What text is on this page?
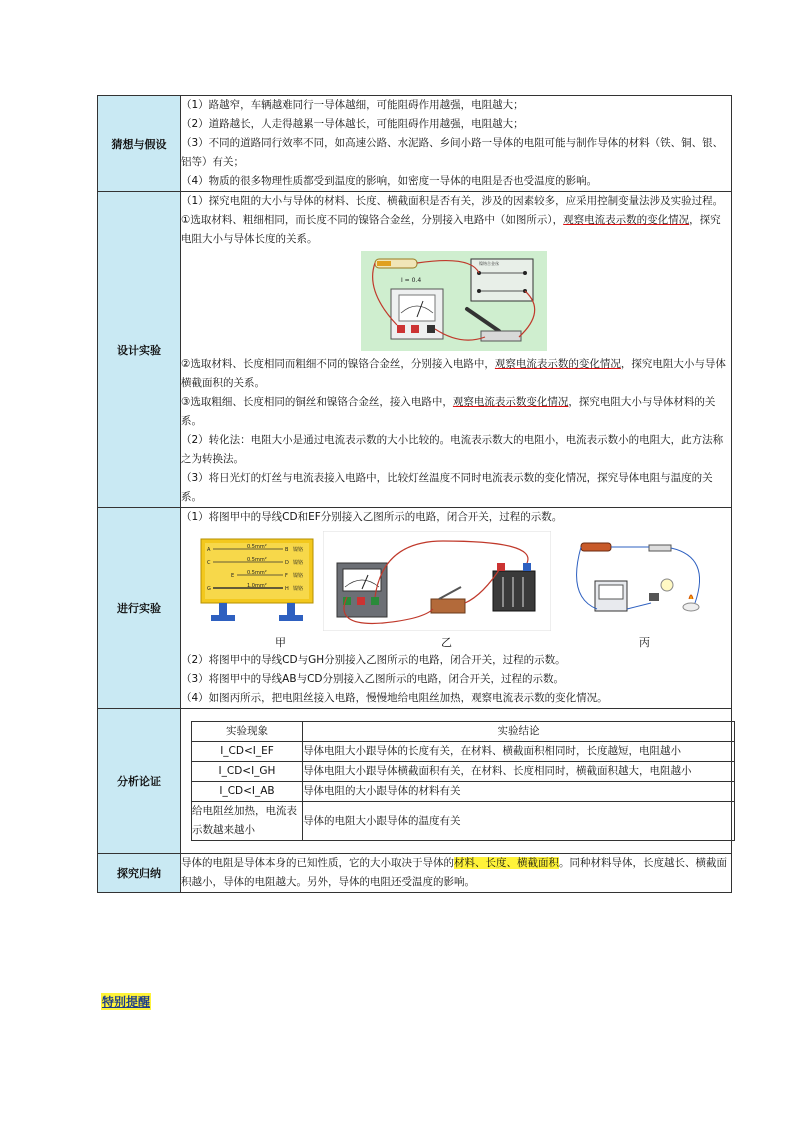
猜想与假设	

（1）路越窄，车辆越难同行一导体越细，可能阻碍作用越强，电阻越大；

（2）道路越长，人走得越累一导体越长，可能阻碍作用越强，电阻越大；

（3）不同的道路同行效率不同，如高速公路、水泥路、乡间小路一导体的电阻可能与制作导体的材料（铁、铜、银、铝等）有关；

（4）物质的很多物理性质都受到温度的影响，如密度一导体的电阻是否也受温度的影响。

设计实验	

（1）探究电阻的大小与导体的材料、长度、横截面积是否有关，涉及的因素较多，应采用控制变量法涉及实验过程。

①选取材料、粗细相同，而长度不同的镍铬合金丝，分别接入电路中（如图所示），观察电流表示数的变化情况，探究电阻大小与导体长度的关系。

I = 0.4
镍铬合金丝

②选取材料、长度相同而粗细不同的镍铬合金丝，分别接入电路中，观察电流表示数的变化情况，探究电阻大小与导体横截面积的关系。

③选取粗细、长度相同的铜丝和镍铬合金丝，接入电路中，观察电流表示数变化情况，探究电阻大小与导体材料的关系。

（2）转化法：电阻大小是通过电流表示数的大小比较的。电流表示数大的电阻小，电流表示数小的电阻大，此方法称之为转换法。

（3）将日光灯的灯丝与电流表接入电路中，比较灯丝温度不同时电流表示数的变化情况，探究导体电阻与温度的关系。

进行实验	

（1）将图甲中的导线CD和EF分别接入乙图所示的电路，闭合开关，过程的示数。

A	0.5mm²	B 镍铬
C	0.5mm²	D 镍铬
E	0.5mm²	F 镍铬
G	1.0mm²	H 镍铬
甲	乙	丙

（2）将图甲中的导线CD与GH分别接入乙图所示的电路，闭合开关，过程的示数。

（3）将图甲中的导线AB与CD分别接入乙图所示的电路，闭合开关，过程的示数。

（4）如图丙所示，把电阻丝接入电路，慢慢地给电阻丝加热，观察电流表示数的变化情况。

分析论证	
实验现象	实验结论
I_CD<I_EF	导体电阻大小跟导体的长度有关，在材料、横截面积相同时，长度越短，电阻越小
I_CD<I_GH	导体电阻大小跟导体横截面积有关，在材料、长度相同时，横截面积越大，电阻越小
I_CD<I_AB	导体电阻的大小跟导体的材料有关
给电阻丝加热，电流表示数越来越小	导体的电阻大小跟导体的温度有关

探究归纳	

导体的电阻是导体本身的已知性质，它的大小取决于导体的材料、长度、横截面积。同种材料导体，长度越长、横截面积越小，导体的电阻越大。另外，导体的电阻还受温度的影响。

特别提醒
